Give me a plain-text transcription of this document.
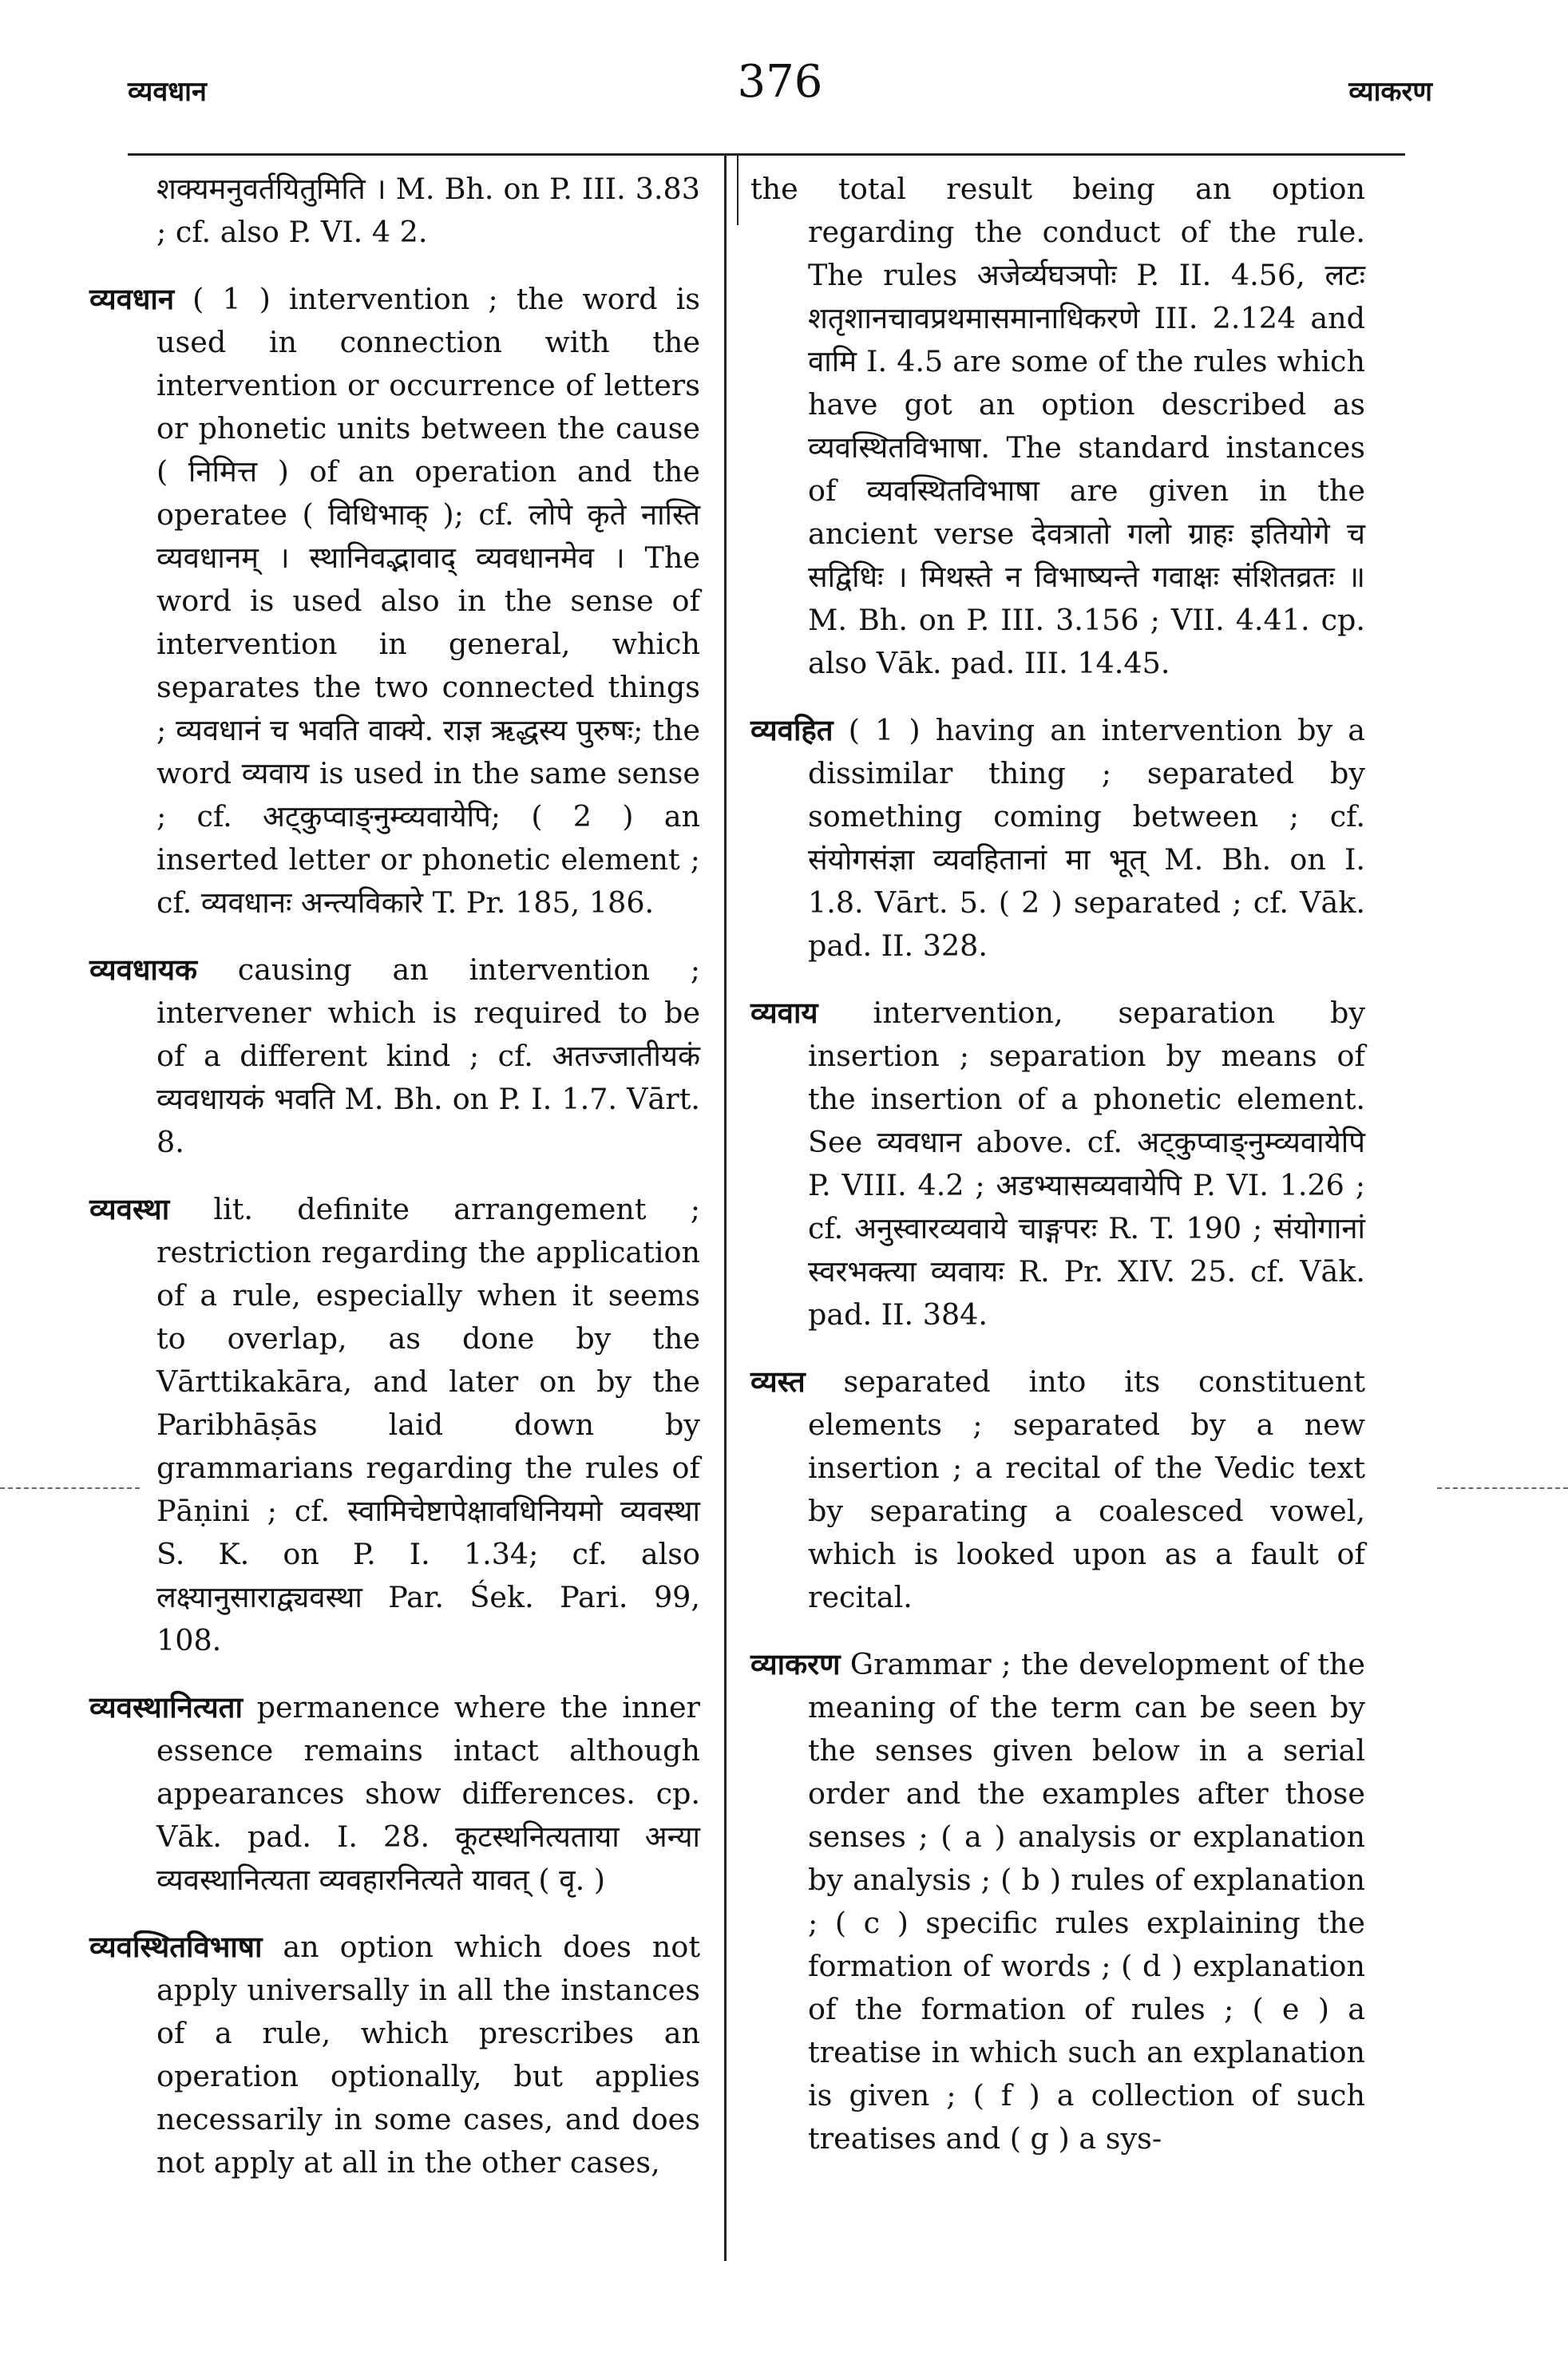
व्यवधान	376	व्याकरण

शक्यमनुवर्तयितुमिति । M. Bh. on P. III. 3.83 ; cf. also P. VI. 4 2.

व्यवधान ( 1 ) intervention ; the word is used in connection with the intervention or occurrence of letters or phonetic units between the cause ( निमित्त ) of an operation and the operatee ( विधिभाक् ); cf. लोपे कृते नास्ति व्यवधानम् । स्थानिवद्भावाद् व्यवधानमेव । The word is used also in the sense of intervention in general, which separates the two connected things ; व्यवधानं च भवति वाक्ये. राज्ञ ऋद्धस्य पुरुषः; the word व्यवाय is used in the same sense ; cf. अट्कुप्वाङ्नुम्व्यवायेपि; ( 2 ) an inserted letter or phonetic element ; cf. व्यवधानः अन्त्यविकारे T. Pr. 185, 186.

व्यवधायक causing an intervention ; intervener which is required to be of a different kind ; cf. अतज्जातीयकं व्यवधायकं भवति M. Bh. on P. I. 1.7. Vārt. 8.

व्यवस्था lit. definite arrangement ; restriction regarding the application of a rule, especially when it seems to overlap, as done by the Vārttikakāra, and later on by the Paribhāṣās laid down by grammarians regarding the rules of Pāṇini ; cf. स्वामिचेष्टापेक्षावधिनियमो व्यवस्था S. K. on P. I. 1.34; cf. also लक्ष्यानुसाराद्व्यवस्था Par. Śek. Pari. 99, 108.

व्यवस्थानित्यता permanence where the inner essence remains intact although appearances show differences. cp. Vāk. pad. I. 28. कूटस्थनित्यताया अन्या व्यवस्थानित्यता व्यवहारनित्यते यावत् ( वृ. )

व्यवस्थितविभाषा an option which does not apply universally in all the instances of a rule, which prescribes an operation optionally, but applies necessarily in some cases, and does not apply at all in the other cases,

the total result being an option regarding the conduct of the rule. The rules अजेर्व्यघञपोः P. II. 4.56, लटः शतृशानचावप्रथमासमानाधिकरणे III. 2.124 and वामि I. 4.5 are some of the rules which have got an option described as व्यवस्थितविभाषा. The standard instances of व्यवस्थितविभाषा are given in the ancient verse देवत्रातो गलो ग्राहः इतियोगे च सद्विधिः । मिथस्ते न विभाष्यन्ते गवाक्षः संशितव्रतः ॥ M. Bh. on P. III. 3.156 ; VII. 4.41. cp. also Vāk. pad. III. 14.45.

व्यवहित ( 1 ) having an intervention by a dissimilar thing ; separated by something coming between ; cf. संयोगसंज्ञा व्यवहितानां मा भूत् M. Bh. on I. 1.8. Vārt. 5. ( 2 ) separated ; cf. Vāk. pad. II. 328.

व्यवाय intervention, separation by insertion ; separation by means of the insertion of a phonetic element. See व्यवधान above. cf. अट्कुप्वाङ्नुम्व्यवायेपि P. VIII. 4.2 ; अडभ्यासव्यवायेपि P. VI. 1.26 ; cf. अनुस्वारव्यवाये चाङ्गपरः R. T. 190 ; संयोगानां स्वरभक्त्या व्यवायः R. Pr. XIV. 25. cf. Vāk. pad. II. 384.

व्यस्त separated into its constituent elements ; separated by a new insertion ; a recital of the Vedic text by separating a coalesced vowel, which is looked upon as a fault of recital.

व्याकरण Grammar ; the development of the meaning of the term can be seen by the senses given below in a serial order and the examples after those senses ; ( a ) analysis or explanation by analysis ; ( b ) rules of explanation ; ( c ) specific rules explaining the formation of words ; ( d ) explanation of the formation of rules ; ( e ) a treatise in which such an explanation is given ; ( f ) a collection of such treatises and ( g ) a sys-
